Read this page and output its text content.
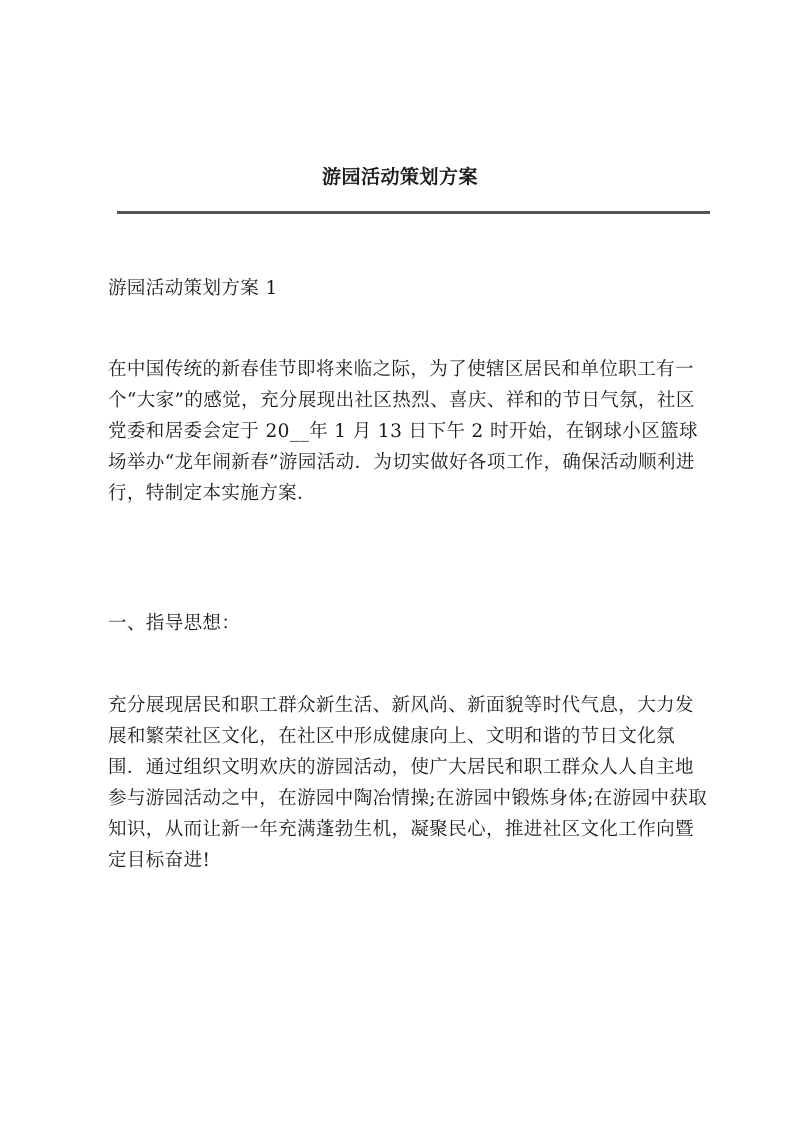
游园活动策划方案

游园活动策划方案 1

在中国传统的新春佳节即将来临之际，为了使辖区居民和单位职工有一个“大家”的感觉，充分展现出社区热烈、喜庆、祥和的节日气氛，社区党委和居委会定于 20__年 1 月 13 日下午 2 时开始，在钢球小区篮球场举办“龙年闹新春”游园活动．为切实做好各项工作，确保活动顺利进行，特制定本实施方案．

一、指导思想：

充分展现居民和职工群众新生活、新风尚、新面貌等时代气息，大力发展和繁荣社区文化，在社区中形成健康向上、文明和谐的节日文化氛围．通过组织文明欢庆的游园活动，使广大居民和职工群众人人自主地参与游园活动之中，在游园中陶冶情操;在游园中锻炼身体;在游园中获取知识，从而让新一年充满蓬勃生机，凝聚民心，推进社区文化工作向暨定目标奋进!
